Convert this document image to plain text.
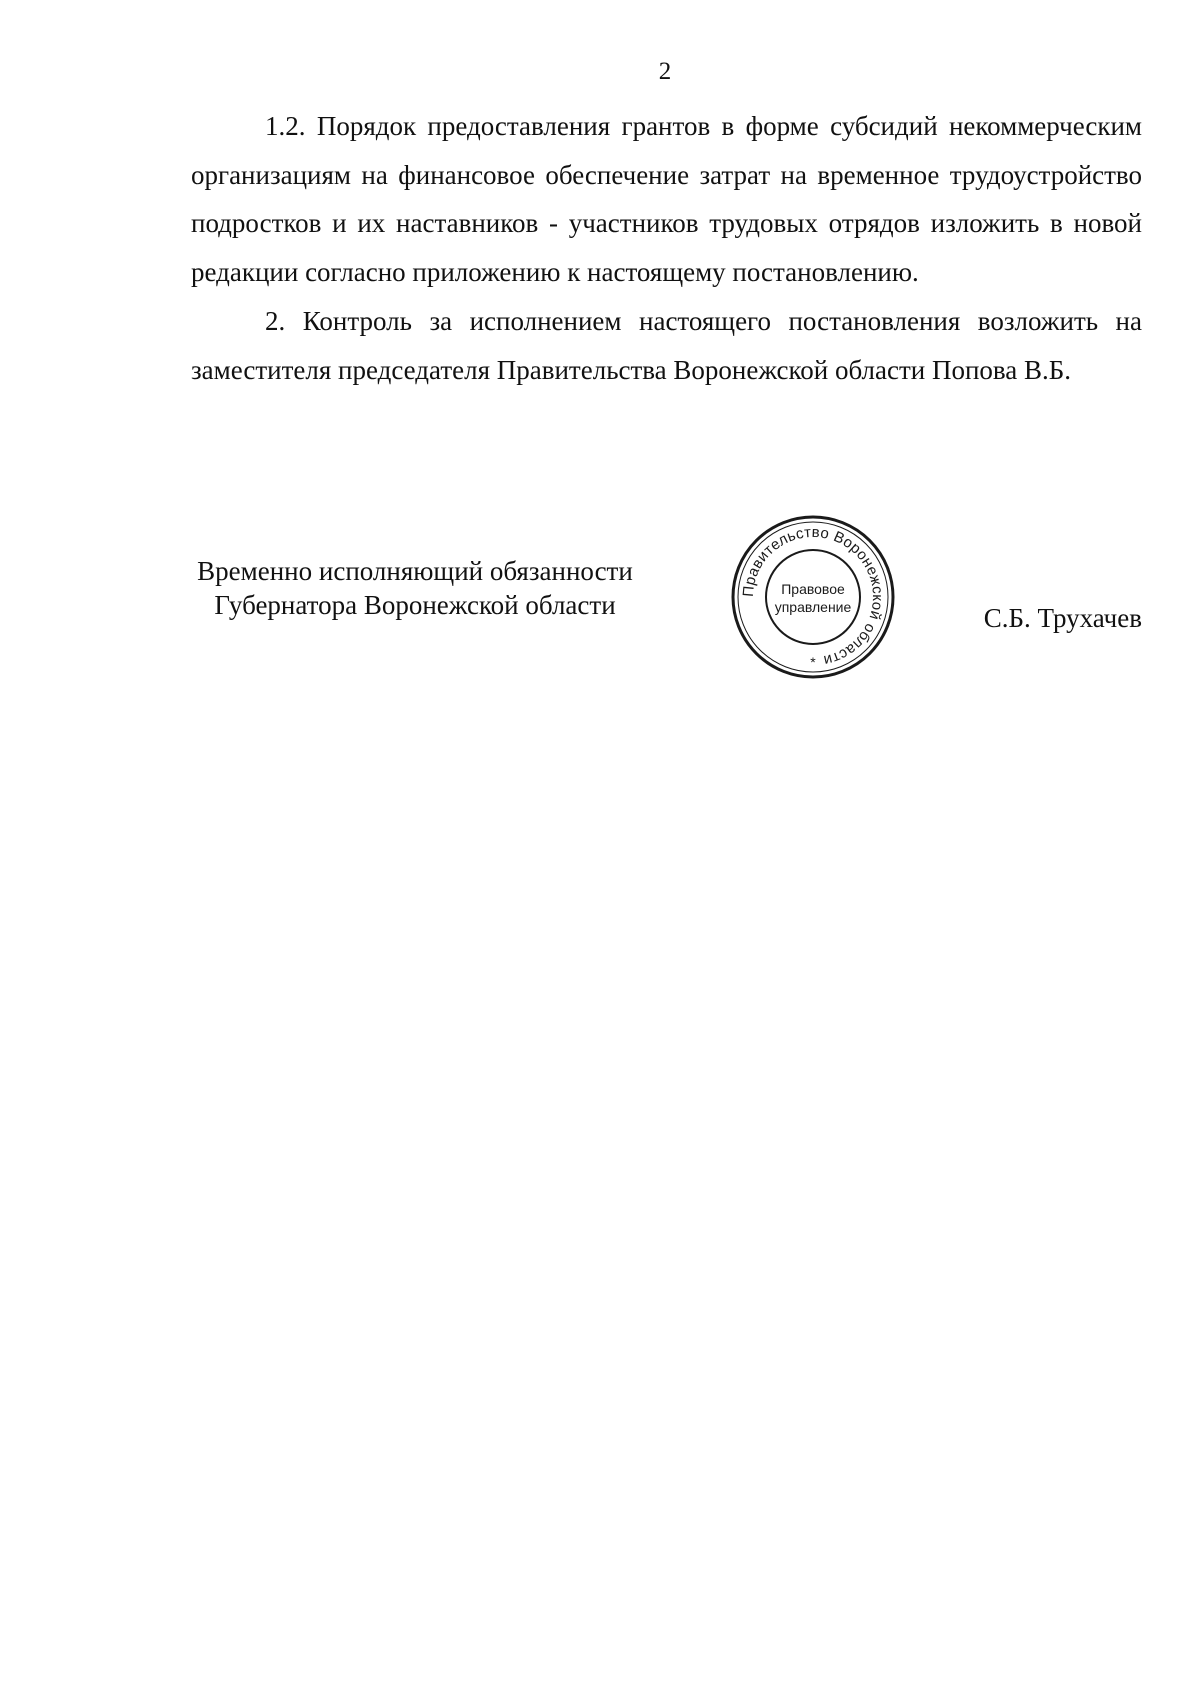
2

1.2. Порядок предоставления грантов в форме субсидий некоммерческим организациям на финансовое обеспечение затрат на временное трудоустройство подростков и их наставников - участников трудовых отрядов изложить в новой редакции согласно приложению к настоящему постановлению.

2. Контроль за исполнением настоящего постановления возложить на заместителя председателя Правительства Воронежской области Попова В.Б.

Временно исполняющий обязанности
Губернатора Воронежской области	Правительство Воронежской области
Правовое
управление
*
С.Б. Трухачев
